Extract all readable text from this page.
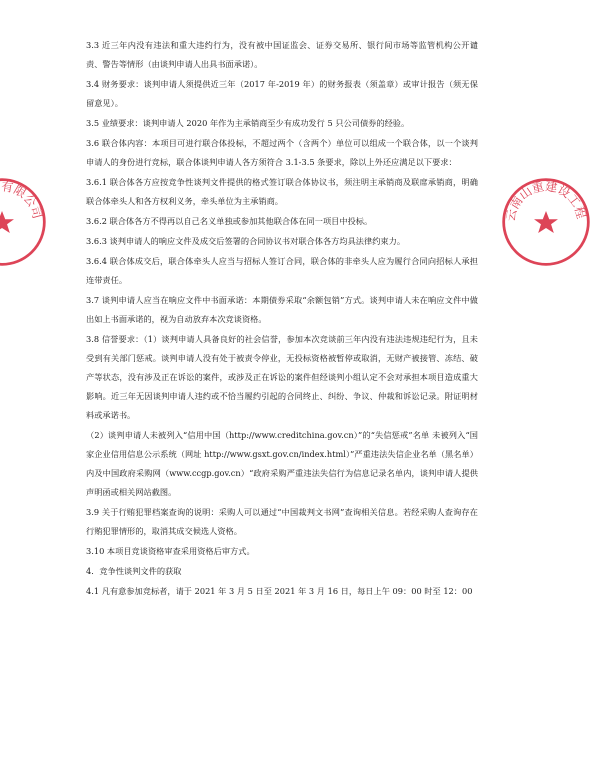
有限公司	云南山重建设工程

3.3 近三年内没有违法和重大违约行为，没有被中国证监会、证券交易所、银行间市场等监管机构公开谴责、警告等情形（由谈判申请人出具书面承诺）。

3.4 财务要求：谈判申请人须提供近三年（2017 年-2019 年）的财务报表（须盖章）或审计报告（须无保留意见）。

3.5 业绩要求：谈判申请人 2020 年作为主承销商至少有成功发行 5 只公司债券的经验。

3.6 联合体内容：本项目可进行联合体投标，不超过两个（含两个）单位可以组成一个联合体，以一个谈判申请人的身份进行竞标，联合体谈判申请人各方须符合 3.1-3.5 条要求，除以上外还应满足以下要求：

3.6.1 联合体各方应按竞争性谈判文件提供的格式签订联合体协议书，须注明主承销商及联席承销商，明确联合体牵头人和各方权利义务，牵头单位为主承销商。

3.6.2 联合体各方不得再以自己名义单独或参加其他联合体在同一项目中投标。

3.6.3 谈判申请人的响应文件及成交后签署的合同协议书对联合体各方均具法律约束力。

3.6.4 联合体成交后，联合体牵头人应当与招标人签订合同，联合体的非牵头人应为履行合同向招标人承担连带责任。

3.7 谈判申请人应当在响应文件中书面承诺：本期债券采取“余额包销”方式。谈判申请人未在响应文件中做出如上书面承诺的，视为自动放弃本次竞谈资格。

3.8 信誉要求：（1）谈判申请人具备良好的社会信誉，参加本次竞谈前三年内没有违法违规违纪行为，且未受到有关部门惩戒。谈判申请人没有处于被责令停业，无投标资格被暂停或取消，无财产被接管、冻结、破产等状态，没有涉及正在诉讼的案件，或涉及正在诉讼的案件但经谈判小组认定不会对承担本项目造成重大影响。近三年无因谈判申请人违约或不恰当履约引起的合同终止、纠纷、争议、仲裁和诉讼记录。附证明材料或承诺书。

（2）谈判申请人未被列入“信用中国（http://www.creditchina.gov.cn）”的“失信惩戒”名单 未被列入“国家企业信用信息公示系统（网址 http://www.gsxt.gov.cn/index.html）”严重违法失信企业名单（黑名单）内及中国政府采购网（www.ccgp.gov.cn）“政府采购严重违法失信行为信息记录名单内，谈判申请人提供声明函或相关网站截图。

3.9 关于行贿犯罪档案查询的说明：采购人可以通过“中国裁判文书网”查询相关信息。若经采购人查询存在行贿犯罪情形的，取消其成交候选人资格。

3.10 本项目竞谈资格审查采用资格后审方式。

4．竞争性谈判文件的获取

4.1 凡有意参加竞标者，请于 2021 年 3 月 5 日至 2021 年 3 月 16 日，每日上午 09：00 时至 12：00
